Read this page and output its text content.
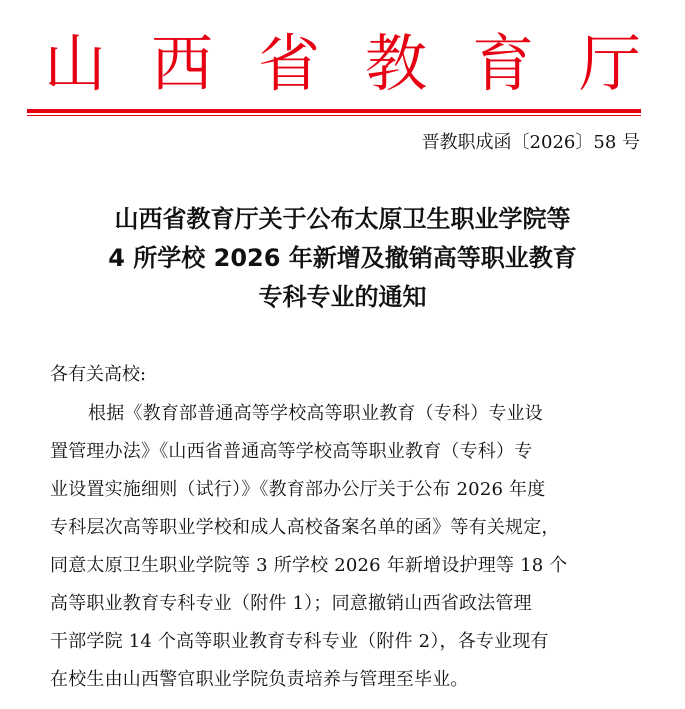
山 西 省 教 育 厅
晋教职成函〔2026〕58 号
山西省教育厅关于公布太原卫生职业学院等
4 所学校 2026 年新增及撤销高等职业教育
专科专业的通知
各有关高校:
根据《教育部普通高等学校高等职业教育（专科）专业设
置管理办法》《山西省普通高等学校高等职业教育（专科）专
业设置实施细则（试行）》《教育部办公厅关于公布 2026 年度
专科层次高等职业学校和成人高校备案名单的函》等有关规定，
同意太原卫生职业学院等 3 所学校 2026 年新增设护理等 18 个
高等职业教育专科专业（附件 1）；同意撤销山西省政法管理
干部学院 14 个高等职业教育专科专业（附件 2），各专业现有
在校生由山西警官职业学院负责培养与管理至毕业。
